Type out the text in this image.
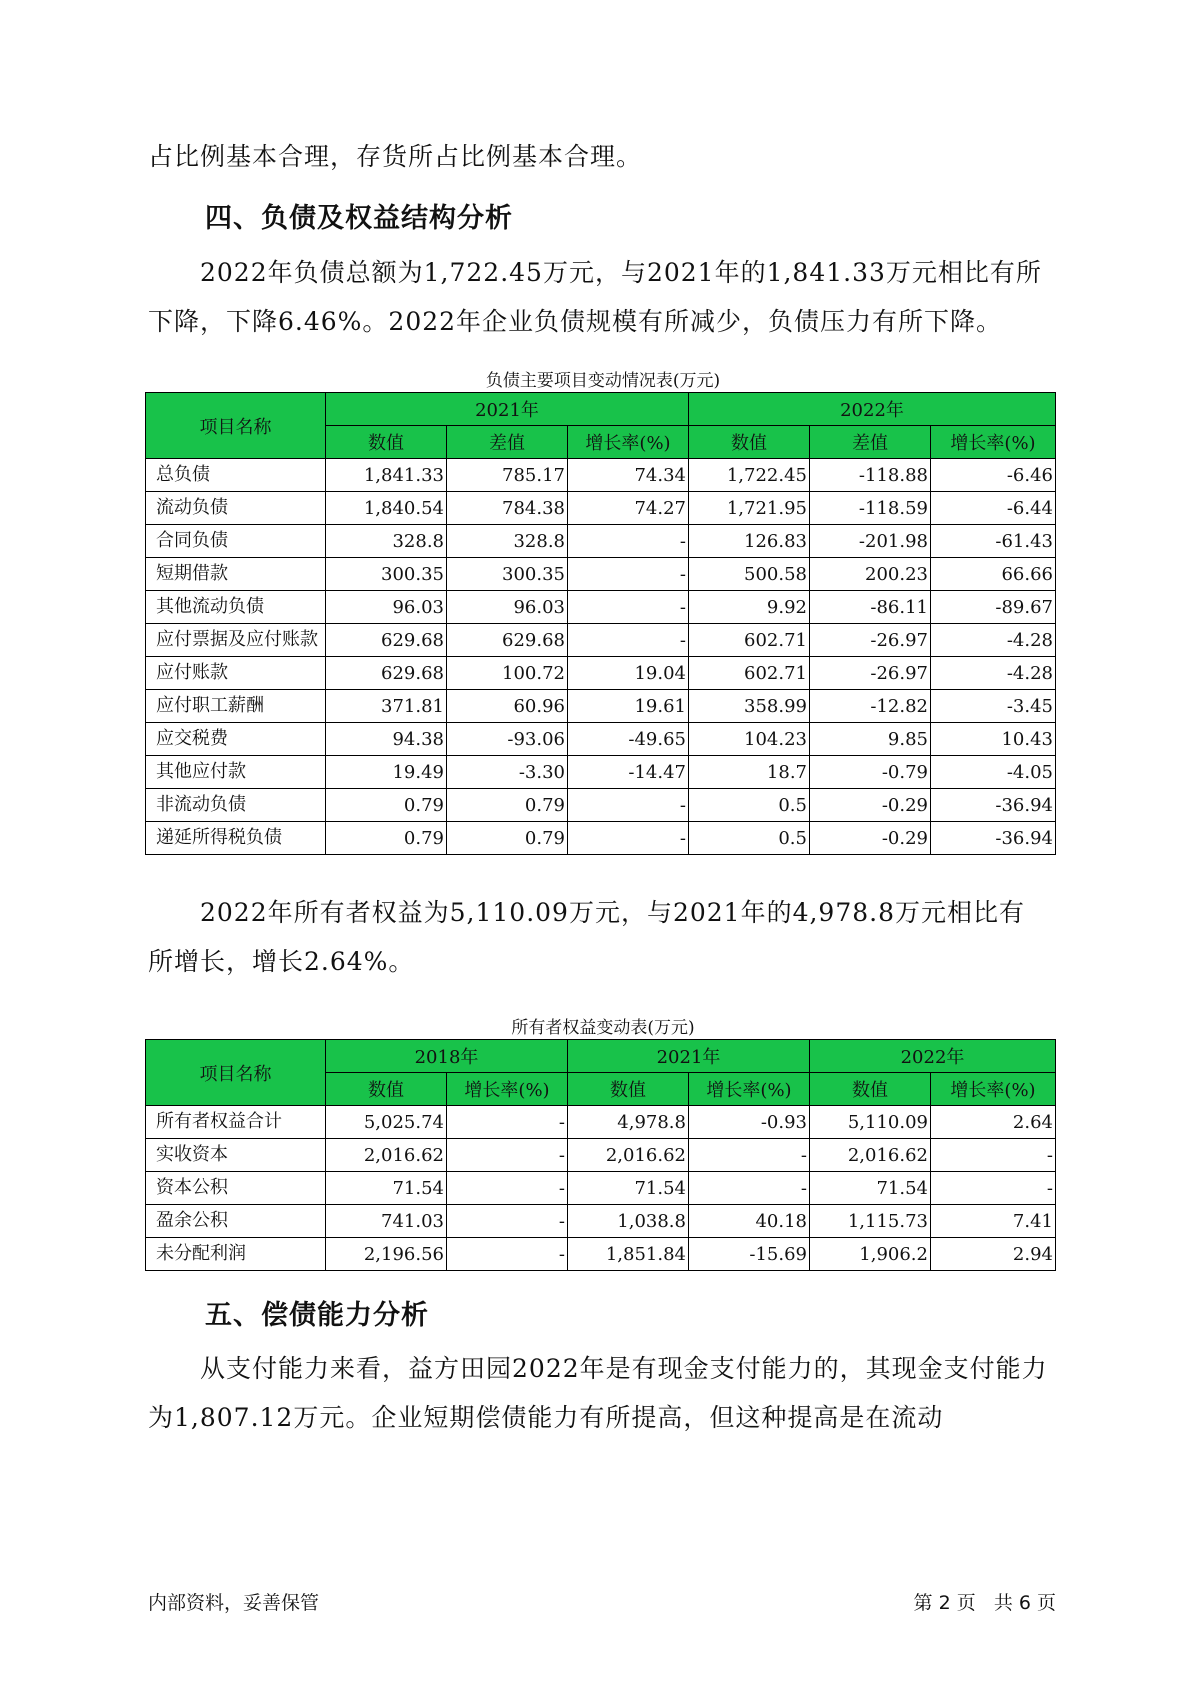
占比例基本合理，存货所占比例基本合理。

四、负债及权益结构分析

2022年负债总额为1,722.45万元，与2021年的1,841.33万元相比有所下降，下降6.46%。2022年企业负债规模有所减少，负债压力有所下降。

负债主要项目变动情况表(万元)

项目名称	2021年			2022年		
	数值	差值	增长率(%)	数值	差值	增长率(%)
总负债	1,841.33	785.17	74.34	1,722.45	-118.88	-6.46
流动负债	1,840.54	784.38	74.27	1,721.95	-118.59	-6.44
合同负债	328.8	328.8	-	126.83	-201.98	-61.43
短期借款	300.35	300.35	-	500.58	200.23	66.66
其他流动负债	96.03	96.03	-	9.92	-86.11	-89.67
应付票据及应付账款	629.68	629.68	-	602.71	-26.97	-4.28
应付账款	629.68	100.72	19.04	602.71	-26.97	-4.28
应付职工薪酬	371.81	60.96	19.61	358.99	-12.82	-3.45
应交税费	94.38	-93.06	-49.65	104.23	9.85	10.43
其他应付款	19.49	-3.30	-14.47	18.7	-0.79	-4.05
非流动负债	0.79	0.79	-	0.5	-0.29	-36.94
递延所得税负债	0.79	0.79	-	0.5	-0.29	-36.94

2022年所有者权益为5,110.09万元，与2021年的4,978.8万元相比有所增长，增长2.64%。

所有者权益变动表(万元)

项目名称	2018年		2021年		2022年	
	数值	增长率(%)	数值	增长率(%)	数值	增长率(%)
所有者权益合计	5,025.74	-	4,978.8	-0.93	5,110.09	2.64
实收资本	2,016.62	-	2,016.62	-	2,016.62	-
资本公积	71.54	-	71.54	-	71.54	-
盈余公积	741.03	-	1,038.8	40.18	1,115.73	7.41
未分配利润	2,196.56	-	1,851.84	-15.69	1,906.2	2.94
五、偿债能力分析

从支付能力来看，益方田园2022年是有现金支付能力的，其现金支付能力为1,807.12万元。企业短期偿债能力有所提高，但这种提高是在流动

内部资料，妥善保管	第 2 页   共 6 页
